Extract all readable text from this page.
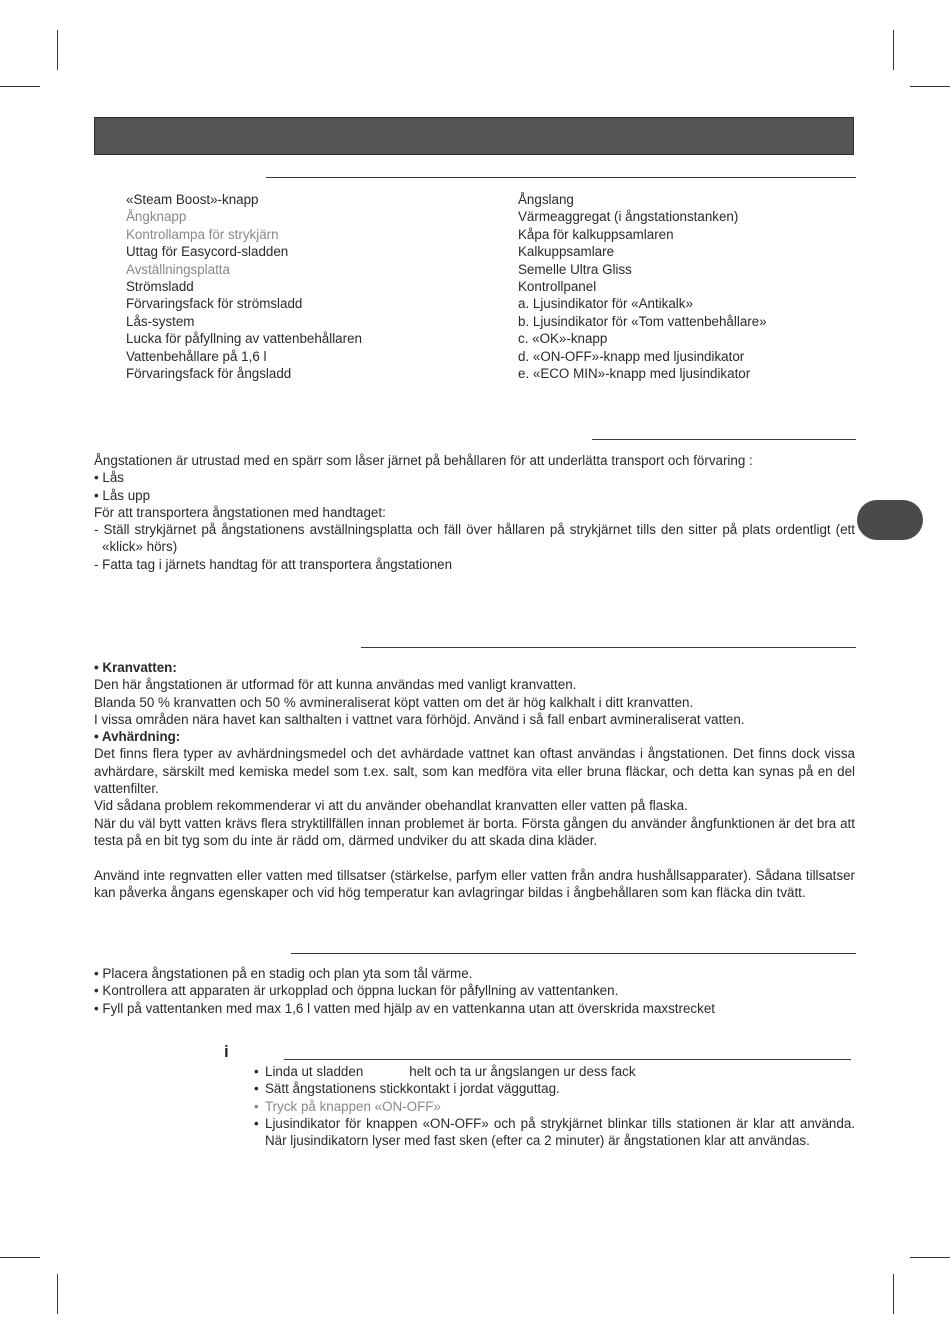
«Steam Boost»-knapp
Ångknapp
Kontrollampa för strykjärn
Uttag för Easycord-sladden
Avställningsplatta
Strömsladd
Förvaringsfack för strömsladd
Lås-system
Lucka för påfyllning av vattenbehållaren
Vattenbehållare på 1,6 l
Förvaringsfack för ångsladd
Ångslang
Värmeaggregat (i ångstationstanken)
Kåpa för kalkuppsamlaren
Kalkuppsamlare
Semelle Ultra Gliss
Kontrollpanel
a. Ljusindikator för «Antikalk»
b. Ljusindikator för «Tom vattenbehållare»
c. «OK»-knapp
d. «ON-OFF»-knapp med ljusindikator
e. «ECO MIN»-knapp med ljusindikator

Ångstationen är utrustad med en spärr som låser järnet på behållaren för att underlätta transport och förvaring :

• Lås

• Lås upp

För att transportera ångstationen med handtaget:

- Ställ strykjärnet på ångstationens avställningsplatta och fäll över hållaren på strykjärnet tills den sitter på plats ordentligt (ett «klick» hörs)

- Fatta tag i järnets handtag för att transportera ångstationen

• Kranvatten:

Den här ångstationen är utformad för att kunna användas med vanligt kranvatten.

Blanda 50 % kranvatten och 50 % avmineraliserat köpt vatten om det är hög kalkhalt i ditt kranvatten.

I vissa områden nära havet kan salthalten i vattnet vara förhöjd. Använd i så fall enbart avmineraliserat vatten.

• Avhärdning:

Det finns flera typer av avhärdningsmedel och det avhärdade vattnet kan oftast användas i ångstationen. Det finns dock vissa avhärdare, särskilt med kemiska medel som t.ex. salt, som kan medföra vita eller bruna fläckar, och detta kan synas på en del vattenfilter.

Vid sådana problem rekommenderar vi att du använder obehandlat kranvatten eller vatten på flaska.

När du väl bytt vatten krävs flera stryktillfällen innan problemet är borta. Första gången du använder ångfunktionen är det bra att testa på en bit tyg som du inte är rädd om, därmed undviker du att skada dina kläder.

Använd inte regnvatten eller vatten med tillsatser (stärkelse, parfym eller vatten från andra hushållsapparater). Sådana tillsatser kan påverka ångans egenskaper och vid hög temperatur kan avlagringar bildas i ångbehållaren som kan fläcka din tvätt.

• Placera ångstationen på en stadig och plan yta som tål värme.

• Kontrollera att apparaten är urkopplad och öppna luckan för påfyllning av vattentanken.

• Fyll på vattentanken med max 1,6 l vatten med hjälp av en vattenkanna utan att överskrida maxstrecket

i
• Linda ut sladden	helt och ta ur ångslangen ur dess fack
• Sätt ångstationens stickkontakt i jordat vägguttag.
• Tryck på knappen «ON-OFF»
• Ljusindikator för knappen «ON-OFF» och på strykjärnet blinkar tills stationen är klar att använda. När ljusindikatorn lyser med fast sken (efter ca 2 minuter) är ångstationen klar att användas.
